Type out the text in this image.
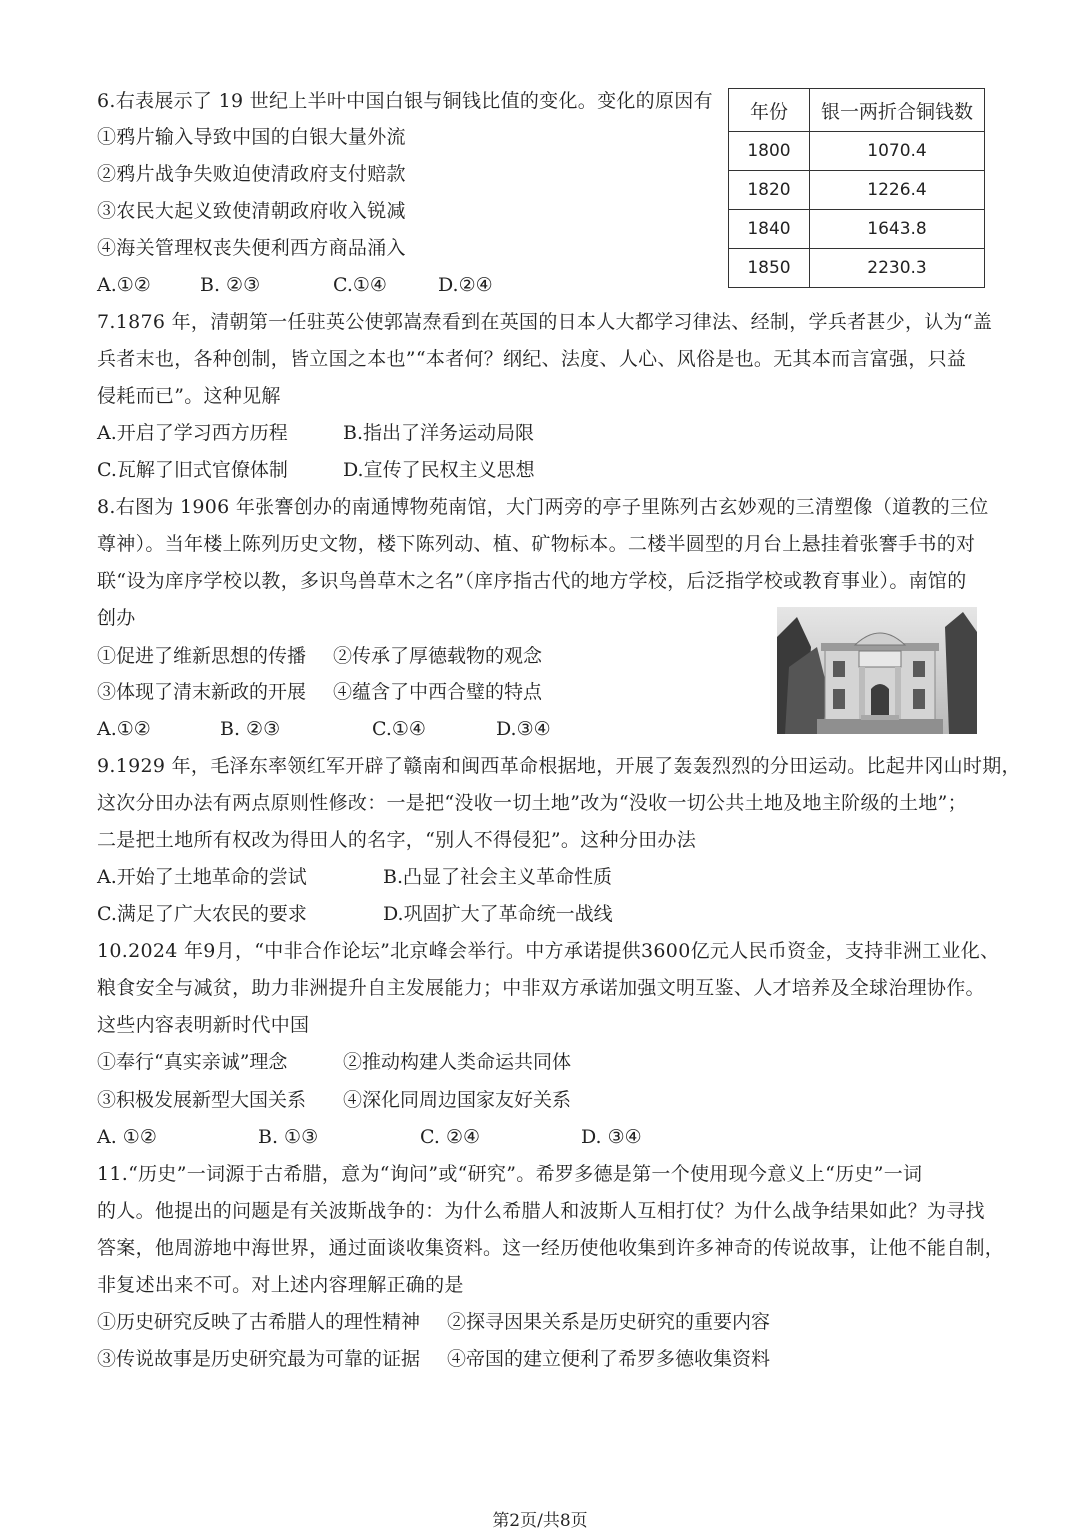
6.右表展示了 19 世纪上半叶中国白银与铜钱比值的变化。变化的原因有
①鸦片输入导致中国的白银大量外流
②鸦片战争失败迫使清政府支付赔款
③农民大起义致使清朝政府收入锐减
④海关管理权丧失便利西方商品涌入
A.①②	B. ②③	C.①④	D.②④
年份	银一两折合铜钱数
1800	1070.4
1820	1226.4
1840	1643.8
1850	2230.3
7.1876 年，清朝第一任驻英公使郭嵩焘看到在英国的日本人大都学习律法、经制，学兵者甚少，认为“盖
兵者末也，各种创制，皆立国之本也”“本者何？纲纪、法度、人心、风俗是也。无其本而言富强，只益
侵耗而已”。这种见解
A.开启了学习西方历程	B.指出了洋务运动局限
C.瓦解了旧式官僚体制	D.宣传了民权主义思想
8.右图为 1906 年张謇创办的南通博物苑南馆，大门两旁的亭子里陈列古玄妙观的三清塑像（道教的三位
尊神）。当年楼上陈列历史文物，楼下陈列动、植、矿物标本。二楼半圆型的月台上悬挂着张謇手书的对
联“设为庠序学校以教，多识鸟兽草木之名”（庠序指古代的地方学校，后泛指学校或教育事业）。南馆的
创办
①促进了维新思想的传播 ②传承了厚德载物的观念
③体现了清末新政的开展 ④蕴含了中西合璧的特点
A.①②	B. ②③	C.①④	D.③④
9.1929 年，毛泽东率领红军开辟了赣南和闽西革命根据地，开展了轰轰烈烈的分田运动。比起井冈山时期，
这次分田办法有两点原则性修改：一是把“没收一切土地”改为“没收一切公共土地及地主阶级的土地”；
二是把土地所有权改为得田人的名字，“别人不得侵犯”。这种分田办法
A.开始了土地革命的尝试	B.凸显了社会主义革命性质
C.满足了广大农民的要求	D.巩固扩大了革命统一战线
10.2024 年9月，“中非合作论坛”北京峰会举行。中方承诺提供3600亿元人民币资金，支持非洲工业化、
粮食安全与减贫，助力非洲提升自主发展能力；中非双方承诺加强文明互鉴、人才培养及全球治理协作。
这些内容表明新时代中国
①奉行“真实亲诚”理念	②推动构建人类命运共同体
③积极发展新型大国关系 ④深化同周边国家友好关系
A. ①②	B. ①③	C. ②④	D. ③④
11.“历史”一词源于古希腊，意为“询问”或“研究”。希罗多德是第一个使用现今意义上“历史”一词
的人。他提出的问题是有关波斯战争的：为什么希腊人和波斯人互相打仗？为什么战争结果如此？为寻找
答案，他周游地中海世界，通过面谈收集资料。这一经历使他收集到许多神奇的传说故事，让他不能自制，
非复述出来不可。对上述内容理解正确的是
①历史研究反映了古希腊人的理性精神 ②探寻因果关系是历史研究的重要内容
③传说故事是历史研究最为可靠的证据 ④帝国的建立便利了希罗多德收集资料
第2页/共8页
